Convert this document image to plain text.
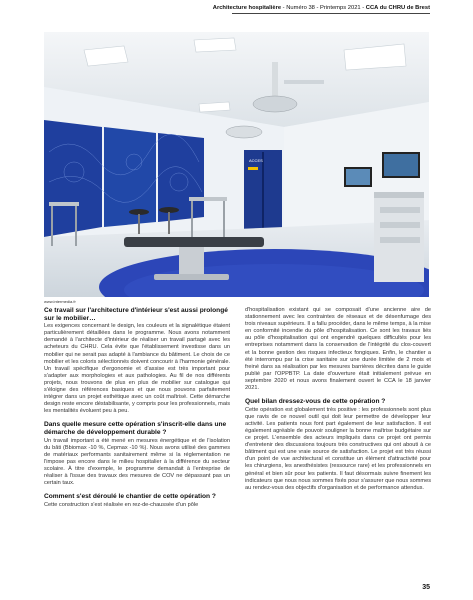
Architecture hospitalière - Numéro 38 - Printemps 2021 - CCA du CHRU de Brest
ACCES
www.intermedia.fr
Ce travail sur l'architecture d'intérieur s'est aussi prolongé sur le mobilier…

Les exigences concernant le design, les couleurs et la signalétique étaient particulièrement détaillées dans le programme. Nous avons notamment demandé à l'architecte d'intérieur de réaliser un travail partagé avec les acheteurs du CHRU. Cela évite que l'établissement investisse dans un mobilier qui ne serait pas adapté à l'ambiance du bâtiment. Le choix de ce mobilier et les coloris sélectionnés doivent concourir à l'harmonie générale. Un travail spécifique d'ergonomie et d'assise est très important pour s'adapter aux morphologies et aux pathologies. Au fil de nos différents projets, nous trouvons de plus en plus de mobilier sur catalogue qui s'éloigne des références basiques et que nous pouvons parfaitement intégrer dans un projet esthétique avec un coût maîtrisé. Cette démarche design reste encore déstabilisante, y compris pour les professionnels, mais les mentalités évoluent peu à peu.

Dans quelle mesure cette opération s'inscrit-elle dans une démarche de développement durable ?

Un travail important a été mené en mesures énergétique et de l'isolation du bâti (Bbiomax -10 %, Cepmax -10 %). Nous avons utilisé des gammes de matériaux performants sanitairement même si la réglementation ne l'impose pas encore dans le milieu hospitalier à la différence du secteur scolaire. À titre d'exemple, le programme demandait à l'entreprise de réaliser à l'issue des travaux des mesures de COV ne dépassant pas un certain taux.

Comment s'est déroulé le chantier de cette opération ?

Cette construction s'est réalisée en rez-de-chaussée d'un pôle

d'hospitalisation existant qui se composait d'une ancienne aire de stationnement avec les contraintes de réseaux et de désenfumage des trois niveaux supérieurs. Il a fallu procéder, dans le même temps, à la mise en conformité incendie du pôle d'hospitalisation. Ce sont les travaux liés au pôle d'hospitalisation qui ont engendré quelques difficultés pour les entreprises notamment dans la conservation de l'intégrité du clos-couvert et la bonne gestion des risques infectieux fongiques. Enfin, le chantier a été interrompu par la crise sanitaire sur une durée limitée de 2 mois et freiné dans sa réalisation par les mesures barrières décrites dans le guide publié par l'OPPBTP. La date d'ouverture était initialement prévue en septembre 2020 et nous avons finalement ouvert le CCA le 18 janvier 2021.

Quel bilan dressez-vous de cette opération ?

Cette opération est globalement très positive : les professionnels sont plus que ravis de ce nouvel outil qui doit leur permettre de développer leur activité. Les patients nous font part également de leur satisfaction. Il est également agréable de pouvoir souligner la bonne maîtrise budgétaire sur ce projet. L'ensemble des acteurs impliqués dans ce projet ont permis d'entretenir des discussions toujours très constructives qui ont abouti à ce bâtiment qui est une vraie source de satisfaction. Le projet est très réussi d'un point de vue architectural et constitue un élément d'attractivité pour les chirurgiens, les anesthésistes (ressource rare) et les professionnels en général et bien sûr pour les patients. Il faut désormais suivre finement les indicateurs que nous nous sommes fixés pour s'assurer que nous sommes au rendez-vous des objectifs d'organisation et de performance attendus.

35
